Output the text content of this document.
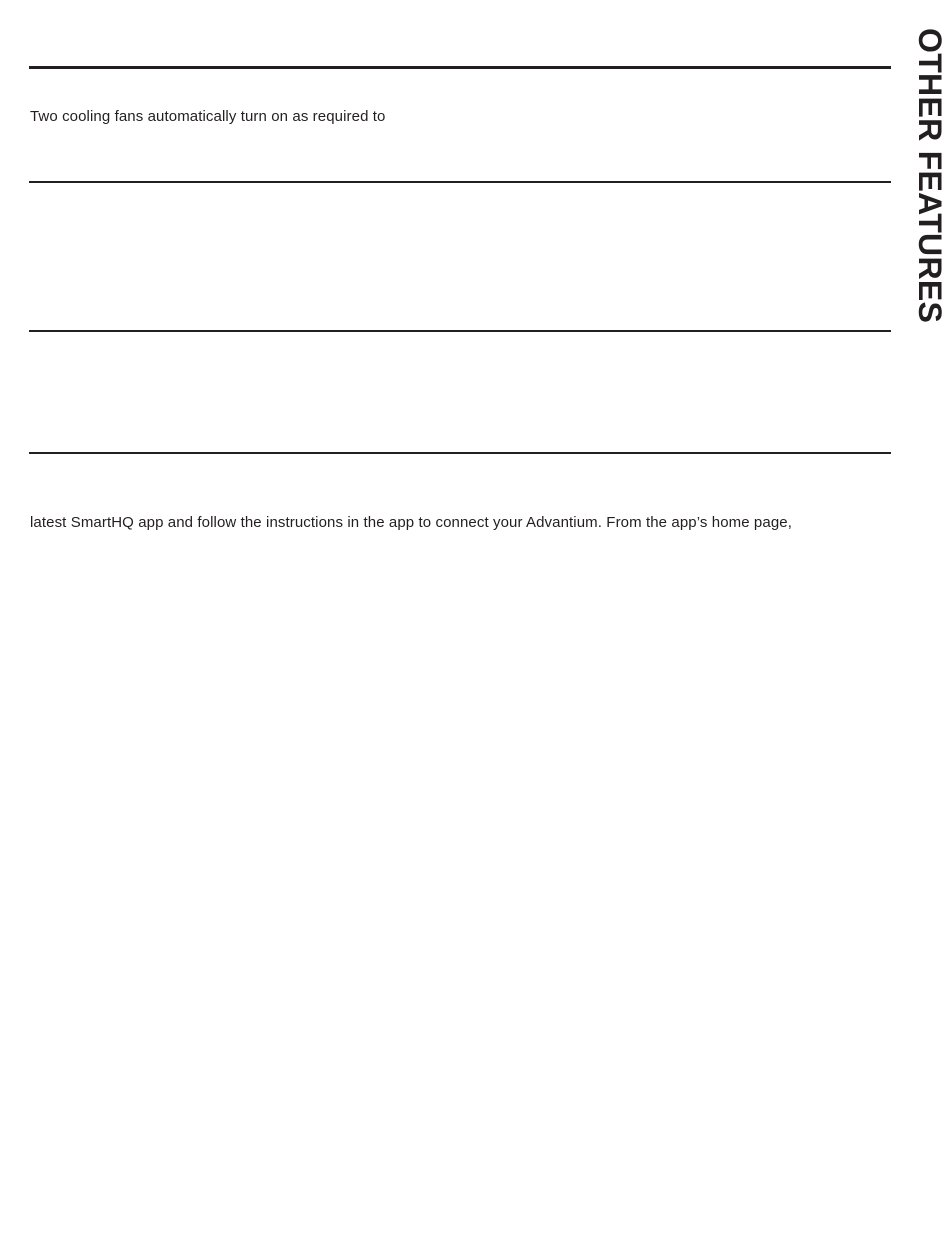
Two cooling fans automatically turn on as required to
latest SmartHQ app and follow the instructions in the app to connect your Advantium. From the app’s home page,
OTHER FEATURES
